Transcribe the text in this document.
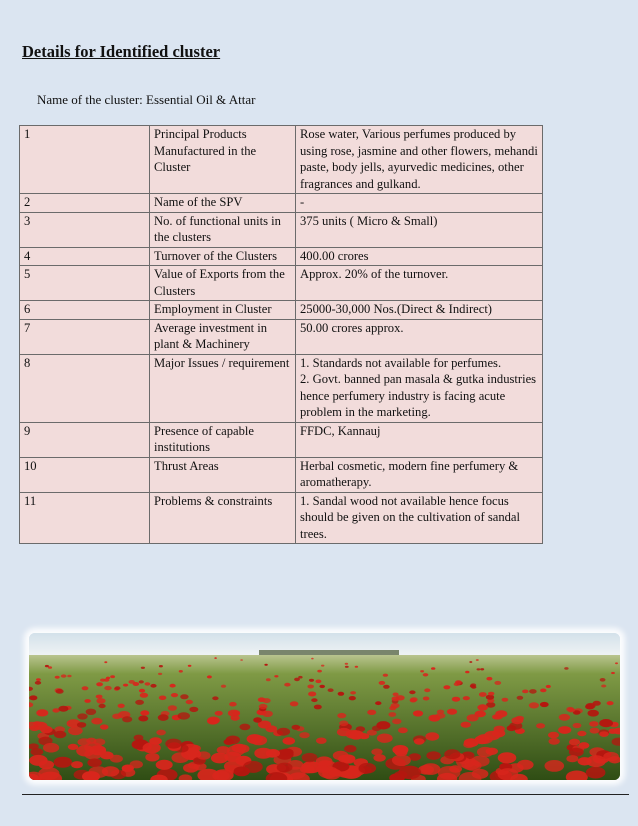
Details for Identified cluster

Name of the cluster: Essential Oil & Attar

1	Principal Products Manufactured in the Cluster	Rose water, Various perfumes produced by using rose, jasmine and other flowers, mehandi paste, body jells, ayurvedic medicines, other fragrances and gulkand.
2	Name of the SPV	-
3	No. of functional units in the clusters	375 units ( Micro & Small)
4	Turnover of the Clusters	400.00 crores
5	Value of Exports from the Clusters	Approx. 20% of the turnover.
6	Employment in Cluster	25000-30,000 Nos.(Direct & Indirect)
7	Average investment in plant & Machinery	50.00 crores approx.
8	Major Issues / requirement	1. Standards not available for perfumes.
2. Govt. banned pan masala & gutka industries hence perfumery industry is facing acute problem in the marketing.
9	Presence of capable institutions	FFDC, Kannauj
10	Thrust Areas	Herbal cosmetic, modern fine perfumery & aromatherapy.
11	Problems & constraints	1. Sandal wood not available hence focus should be given on the cultivation of sandal trees.
